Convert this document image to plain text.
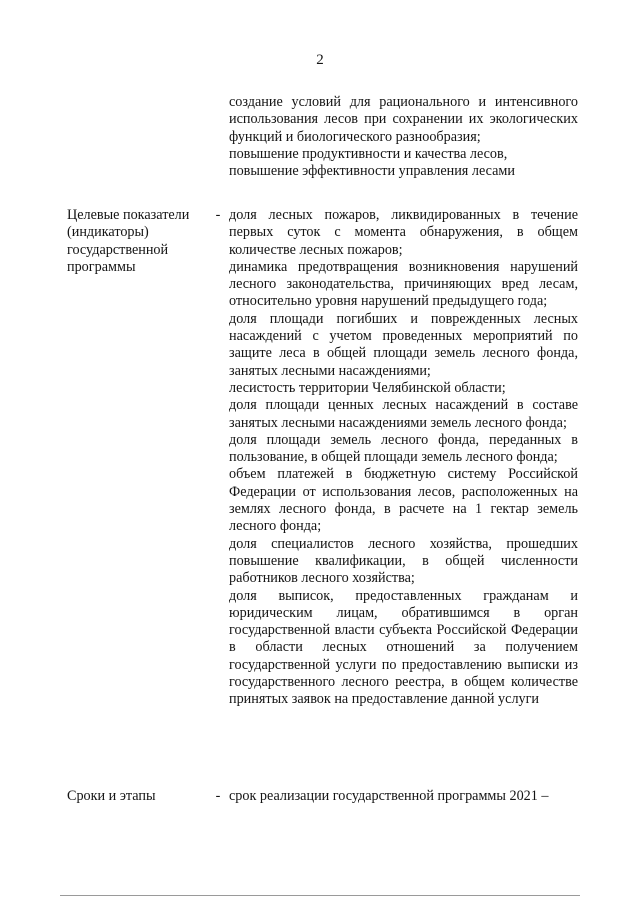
2

создание условий для рационального и интенсивного использования лесов при сохранении их экологических функций и биологического разнообразия;

повышение продуктивности и качества лесов,

повышение эффективности управления лесами

Целевые показатели (индикаторы) государственной программы
- доля лесных пожаров, ликвидированных в течение первых суток с момента обнаружения, в общем количестве лесных пожаров;

динамика предотвращения возникновения нарушений лесного законодательства, причиняющих вред лесам, относительно уровня нарушений предыдущего года;

доля площади погибших и поврежденных лесных насаждений с учетом проведенных мероприятий по защите леса в общей площади земель лесного фонда, занятых лесными насаждениями;

лесистость территории Челябинской области;

доля площади ценных лесных насаждений в составе занятых лесными насаждениями земель лесного фонда;

доля площади земель лесного фонда, переданных в пользование, в общей площади земель лесного фонда;

объем платежей в бюджетную систему Российской Федерации от использования лесов, расположенных на землях лесного фонда, в расчете на 1 гектар земель лесного фонда;

доля специалистов лесного хозяйства, прошедших повышение квалификации, в общей численности работников лесного хозяйства;

доля выписок, предоставленных гражданам и юридическим лицам, обратившимся в орган государственной власти субъекта Российской Федерации в области лесных отношений за получением государственной услуги по предоставлению выписки из государственного лесного реестра, в общем количестве принятых заявок на предоставление данной услуги

Сроки и этапы	- срок реализации государственной программы 2021 –
